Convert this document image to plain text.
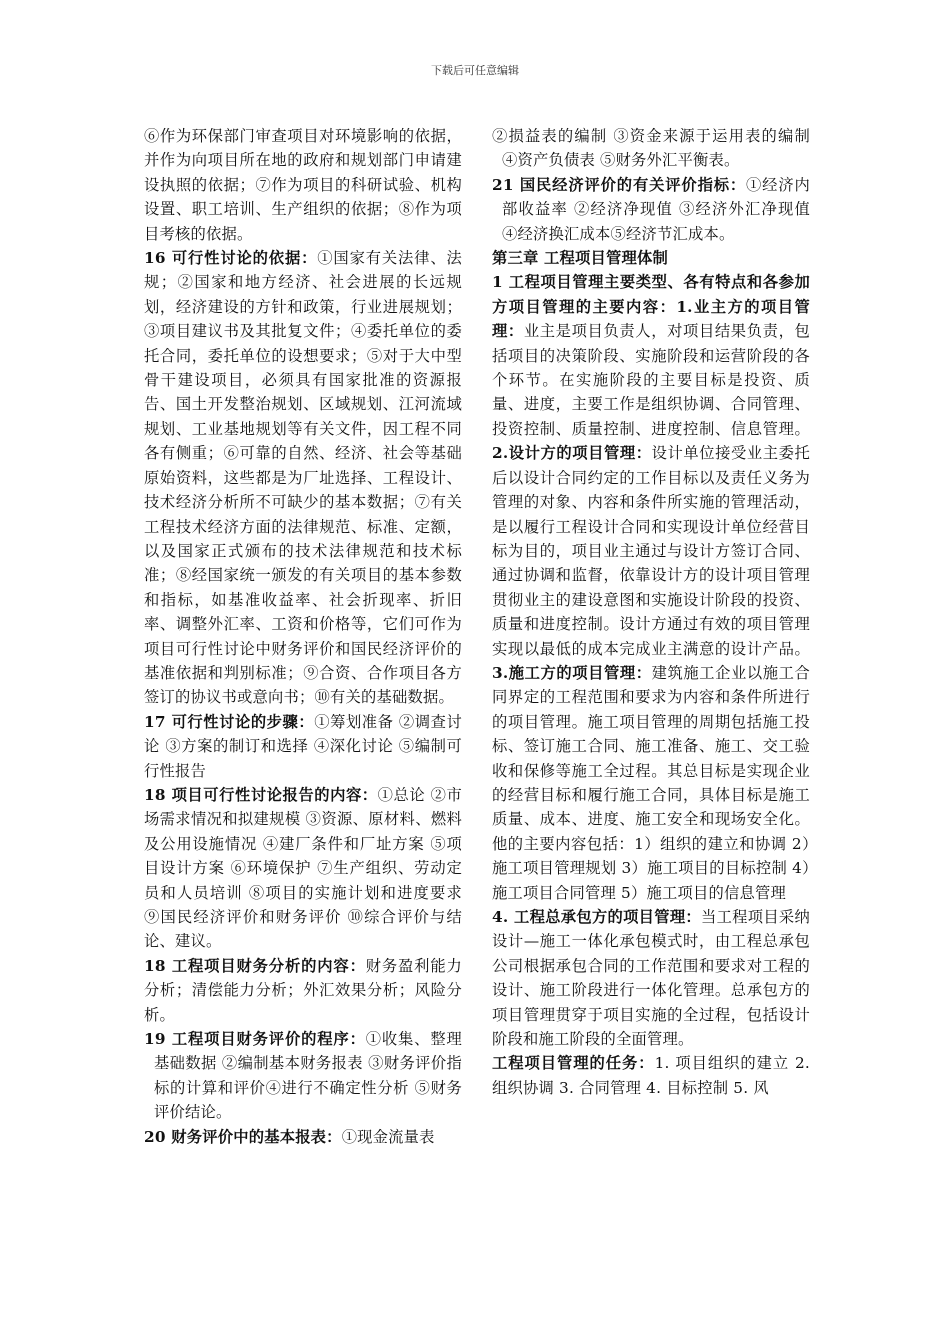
下载后可任意编辑

⑥作为环保部门审查项目对环境影响的依据，并作为向项目所在地的政府和规划部门申请建设执照的依据；⑦作为项目的科研试验、机构设置、职工培训、生产组织的依据；⑧作为项目考核的依据。

16 可行性讨论的依据：①国家有关法律、法规；②国家和地方经济、社会进展的长远规划，经济建设的方针和政策，行业进展规划；③项目建议书及其批复文件；④委托单位的委托合同，委托单位的设想要求；⑤对于大中型骨干建设项目，必须具有国家批准的资源报告、国土开发整治规划、区域规划、江河流域规划、工业基地规划等有关文件，因工程不同各有侧重；⑥可靠的自然、经济、社会等基础原始资料，这些都是为厂址选择、工程设计、技术经济分析所不可缺少的基本数据；⑦有关工程技术经济方面的法律规范、标准、定额，以及国家正式颁布的技术法律规范和技术标准；⑧经国家统一颁发的有关项目的基本参数和指标，如基准收益率、社会折现率、折旧率、调整外汇率、工资和价格等，它们可作为项目可行性讨论中财务评价和国民经济评价的基准依据和判别标准；⑨合资、合作项目各方签订的协议书或意向书；⑩有关的基础数据。

17 可行性讨论的步骤：①筹划准备 ②调查讨论 ③方案的制订和选择 ④深化讨论 ⑤编制可行性报告

18 项目可行性讨论报告的内容：①总论 ②市场需求情况和拟建规模 ③资源、原材料、燃料及公用设施情况 ④建厂条件和厂址方案 ⑤项目设计方案 ⑥环境保护 ⑦生产组织、劳动定员和人员培训 ⑧项目的实施计划和进度要求 ⑨国民经济评价和财务评价 ⑩综合评价与结论、建议。

18 工程项目财务分析的内容：财务盈利能力分析；清偿能力分析；外汇效果分析；风险分析。

19 工程项目财务评价的程序：①收集、整理基础数据 ②编制基本财务报表 ③财务评价指标的计算和评价④进行不确定性分析 ⑤财务评价结论。

20 财务评价中的基本报表：①现金流量表

②损益表的编制 ③资金来源于运用表的编制 ④资产负债表 ⑤财务外汇平衡表。

21 国民经济评价的有关评价指标：①经济内部收益率 ②经济净现值 ③经济外汇净现值 ④经济换汇成本⑤经济节汇成本。

第三章 工程项目管理体制

1 工程项目管理主要类型、各有特点和各参加方项目管理的主要内容：1.业主方的项目管理：业主是项目负责人，对项目结果负责，包括项目的决策阶段、实施阶段和运营阶段的各个环节。在实施阶段的主要目标是投资、质量、进度，主要工作是组织协调、合同管理、投资控制、质量控制、进度控制、信息管理。2.设计方的项目管理：设计单位接受业主委托后以设计合同约定的工作目标以及责任义务为管理的对象、内容和条件所实施的管理活动，是以履行工程设计合同和实现设计单位经营目标为目的，项目业主通过与设计方签订合同、通过协调和监督，依靠设计方的设计项目管理贯彻业主的建设意图和实施设计阶段的投资、质量和进度控制。设计方通过有效的项目管理实现以最低的成本完成业主满意的设计产品。3.施工方的项目管理：建筑施工企业以施工合同界定的工程范围和要求为内容和条件所进行的项目管理。施工项目管理的周期包括施工投标、签订施工合同、施工准备、施工、交工验收和保修等施工全过程。其总目标是实现企业的经营目标和履行施工合同，具体目标是施工质量、成本、进度、施工安全和现场安全化。他的主要内容包括：1）组织的建立和协调 2）施工项目管理规划 3）施工项目的目标控制 4）施工项目合同管理 5）施工项目的信息管理

4. 工程总承包方的项目管理：当工程项目采纳设计—施工一体化承包模式时，由工程总承包公司根据承包合同的工作范围和要求对工程的设计、施工阶段进行一体化管理。总承包方的项目管理贯穿于项目实施的全过程，包括设计阶段和施工阶段的全面管理。

工程项目管理的任务：1. 项目组织的建立 2. 组织协调 3. 合同管理 4. 目标控制 5. 风
